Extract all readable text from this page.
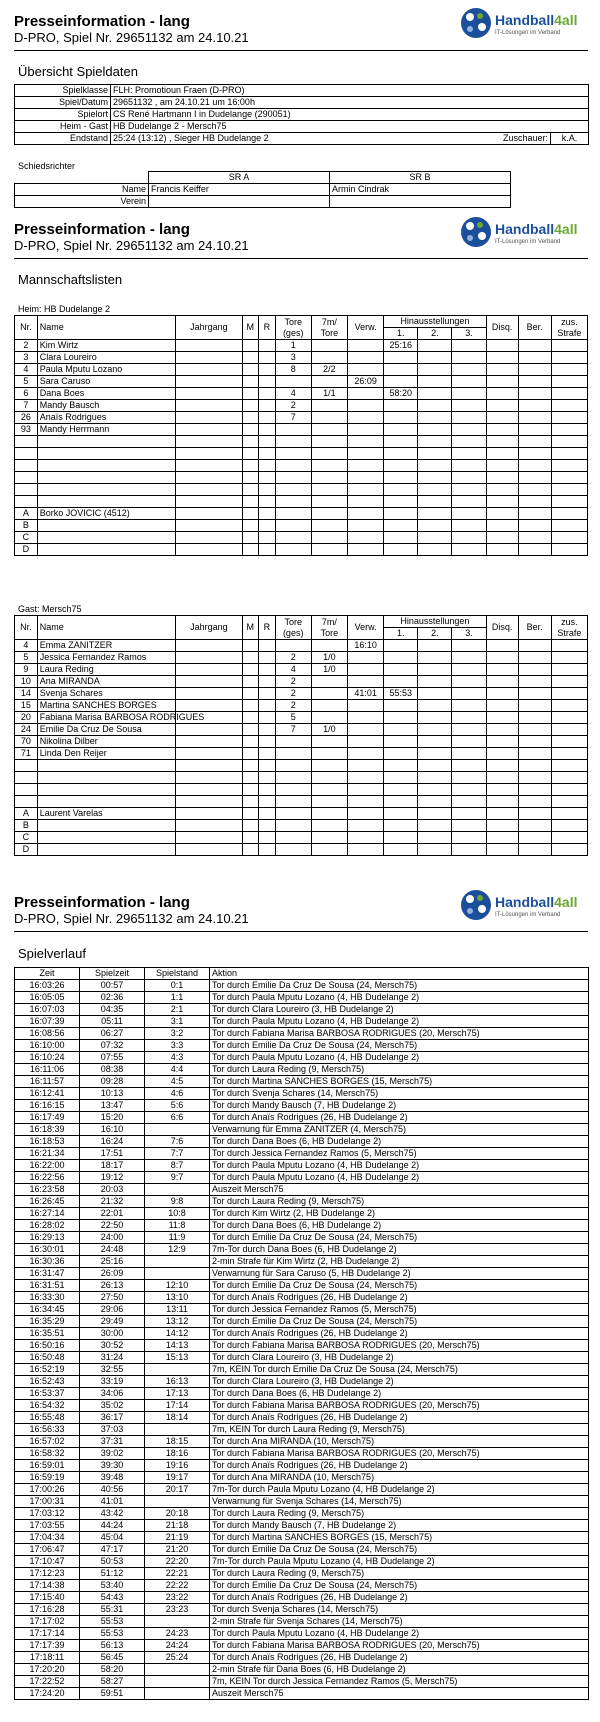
Presseinformation - lang
D-PRO, Spiel Nr. 29651132 am 24.10.21
Handball4all
IT-Lösungen im Verband
Übersicht Spieldaten
Spielklasse	FLH: Promotioun Fraen (D-PRO)		
Spiel/Datum	29651132 , am 24.10.21 um 16:00h		
Spielort	CS René Hartmann I in Dudelange (290051)		
Heim - Gast	HB Dudelange 2 - Mersch75		
Endstand	25:24 (13:12) , Sieger HB Dudelange 2	Zuschauer:	k.A.
Schiedsrichter
	SR A	SR B
Name	Francis Keiffer	Armin Cindrak
Verein		
Presseinformation - lang
D-PRO, Spiel Nr. 29651132 am 24.10.21
Handball4all
IT-Lösungen im Verband
Mannschaftslisten
Heim: HB Dudelange 2
Nr.	Name	Jahrgang	M	R	Tore
(ges)	7m/
Tore	Verw.	Hinausstellungen			Disq.	Ber.	zus.
Strafe
								1.	2.	3.			
2	Kim Wirtz				1			25:16					
3	Clara Loureiro				3								
4	Paula Mputu Lozano				8	2/2							
5	Sara Caruso						26:09						
6	Dana Boes				4	1/1		58:20					
7	Mandy Bausch				2								
26	Anaïs Rodrigues				7								
93	Mandy Herrmann												

A	Borko JOVICIC (4512)												
B													
C													
D													
Gast: Mersch75
Nr.	Name	Jahrgang	M	R	Tore
(ges)	7m/
Tore	Verw.	Hinausstellungen			Disq.	Ber.	zus.
Strafe
								1.	2.	3.			
4	Emma ZANITZER						16:10						
5	Jessica Fernandez Ramos				2	1/0							
9	Laura Reding				4	1/0							
10	Ana MIRANDA				2								
14	Svenja Schares				2		41:01	55:53					
15	Martina SANCHES BORGES				2								
20	Fabiana Marisa BARBOSA RODRIGUES				5								
24	Emilie Da Cruz De Sousa				7	1/0							
70	Nikolina Dilber												
71	Linda Den Reijer												

A	Laurent Varelas												
B													
C													
D													
Presseinformation - lang
D-PRO, Spiel Nr. 29651132 am 24.10.21
Handball4all
IT-Lösungen im Verband
Spielverlauf
Zeit	Spielzeit	Spielstand	Aktion
16:03:26	00:57	0:1	Tor durch Emilie Da Cruz De Sousa (24, Mersch75)
16:05:05	02:36	1:1	Tor durch Paula Mputu Lozano (4, HB Dudelange 2)
16:07:03	04:35	2:1	Tor durch Clara Loureiro (3, HB Dudelange 2)
16:07:39	05:11	3:1	Tor durch Paula Mputu Lozano (4, HB Dudelange 2)
16:08:56	06:27	3:2	Tor durch Fabiana Marisa BARBOSA RODRIGUES (20, Mersch75)
16:10:00	07:32	3:3	Tor durch Emilie Da Cruz De Sousa (24, Mersch75)
16:10:24	07:55	4:3	Tor durch Paula Mputu Lozano (4, HB Dudelange 2)
16:11:06	08:38	4:4	Tor durch Laura Reding (9, Mersch75)
16:11:57	09:28	4:5	Tor durch Martina SANCHES BORGES (15, Mersch75)
16:12:41	10:13	4:6	Tor durch Svenja Schares (14, Mersch75)
16:16:15	13:47	5:6	Tor durch Mandy Bausch (7, HB Dudelange 2)
16:17:49	15:20	6:6	Tor durch Anaïs Rodrigues (26, HB Dudelange 2)
16:18:39	16:10		Verwarnung für Emma ZANITZER (4, Mersch75)
16:18:53	16:24	7:6	Tor durch Dana Boes (6, HB Dudelange 2)
16:21:34	17:51	7:7	Tor durch Jessica Fernandez Ramos (5, Mersch75)
16:22:00	18:17	8:7	Tor durch Paula Mputu Lozano (4, HB Dudelange 2)
16:22:56	19:12	9:7	Tor durch Paula Mputu Lozano (4, HB Dudelange 2)
16:23:58	20:03		Auszeit Mersch75
16:26:45	21:32	9:8	Tor durch Laura Reding (9, Mersch75)
16:27:14	22:01	10:8	Tor durch Kim Wirtz (2, HB Dudelange 2)
16:28:02	22:50	11:8	Tor durch Dana Boes (6, HB Dudelange 2)
16:29:13	24:00	11:9	Tor durch Emilie Da Cruz De Sousa (24, Mersch75)
16:30:01	24:48	12:9	7m-Tor durch Dana Boes (6, HB Dudelange 2)
16:30:36	25:16		2-min Strafe für Kim Wirtz (2, HB Dudelange 2)
16:31:47	26:09		Verwarnung für Sara Caruso (5, HB Dudelange 2)
16:31:51	26:13	12:10	Tor durch Emilie Da Cruz De Sousa (24, Mersch75)
16:33:30	27:50	13:10	Tor durch Anaïs Rodrigues (26, HB Dudelange 2)
16:34:45	29:06	13:11	Tor durch Jessica Fernandez Ramos (5, Mersch75)
16:35:29	29:49	13:12	Tor durch Emilie Da Cruz De Sousa (24, Mersch75)
16:35:51	30:00	14:12	Tor durch Anaïs Rodrigues (26, HB Dudelange 2)
16:50:16	30:52	14:13	Tor durch Fabiana Marisa BARBOSA RODRIGUES (20, Mersch75)
16:50:48	31:24	15:13	Tor durch Clara Loureiro (3, HB Dudelange 2)
16:52:19	32:55		7m, KEIN Tor durch Emilie Da Cruz De Sousa (24, Mersch75)
16:52:43	33:19	16:13	Tor durch Clara Loureiro (3, HB Dudelange 2)
16:53:37	34:06	17:13	Tor durch Dana Boes (6, HB Dudelange 2)
16:54:32	35:02	17:14	Tor durch Fabiana Marisa BARBOSA RODRIGUES (20, Mersch75)
16:55:48	36:17	18:14	Tor durch Anaïs Rodrigues (26, HB Dudelange 2)
16:56:33	37:03		7m, KEIN Tor durch Laura Reding (9, Mersch75)
16:57:02	37:31	18:15	Tor durch Ana MIRANDA (10, Mersch75)
16:58:32	39:02	18:16	Tor durch Fabiana Marisa BARBOSA RODRIGUES (20, Mersch75)
16:59:01	39:30	19:16	Tor durch Anaïs Rodrigues (26, HB Dudelange 2)
16:59:19	39:48	19:17	Tor durch Ana MIRANDA (10, Mersch75)
17:00:26	40:56	20:17	7m-Tor durch Paula Mputu Lozano (4, HB Dudelange 2)
17:00:31	41:01		Verwarnung für Svenja Schares (14, Mersch75)
17:03:12	43:42	20:18	Tor durch Laura Reding (9, Mersch75)
17:03:55	44:24	21:18	Tor durch Mandy Bausch (7, HB Dudelange 2)
17:04:34	45:04	21:19	Tor durch Martina SANCHES BORGES (15, Mersch75)
17:06:47	47:17	21:20	Tor durch Emilie Da Cruz De Sousa (24, Mersch75)
17:10:47	50:53	22:20	7m-Tor durch Paula Mputu Lozano (4, HB Dudelange 2)
17:12:23	51:12	22:21	Tor durch Laura Reding (9, Mersch75)
17:14:38	53:40	22:22	Tor durch Emilie Da Cruz De Sousa (24, Mersch75)
17:15:40	54:43	23:22	Tor durch Anaïs Rodrigues (26, HB Dudelange 2)
17:16:28	55:31	23:23	Tor durch Svenja Schares (14, Mersch75)
17:17:02	55:53		2-min Strafe für Svenja Schares (14, Mersch75)
17:17:14	55:53	24:23	Tor durch Paula Mputu Lozano (4, HB Dudelange 2)
17:17:39	56:13	24:24	Tor durch Fabiana Marisa BARBOSA RODRIGUES (20, Mersch75)
17:18:11	56:45	25:24	Tor durch Anaïs Rodrigues (26, HB Dudelange 2)
17:20:20	58:20		2-min Strafe für Dana Boes (6, HB Dudelange 2)
17:22:52	58:27		7m, KEIN Tor durch Jessica Fernandez Ramos (5, Mersch75)
17:24:20	59:51		Auszeit Mersch75
